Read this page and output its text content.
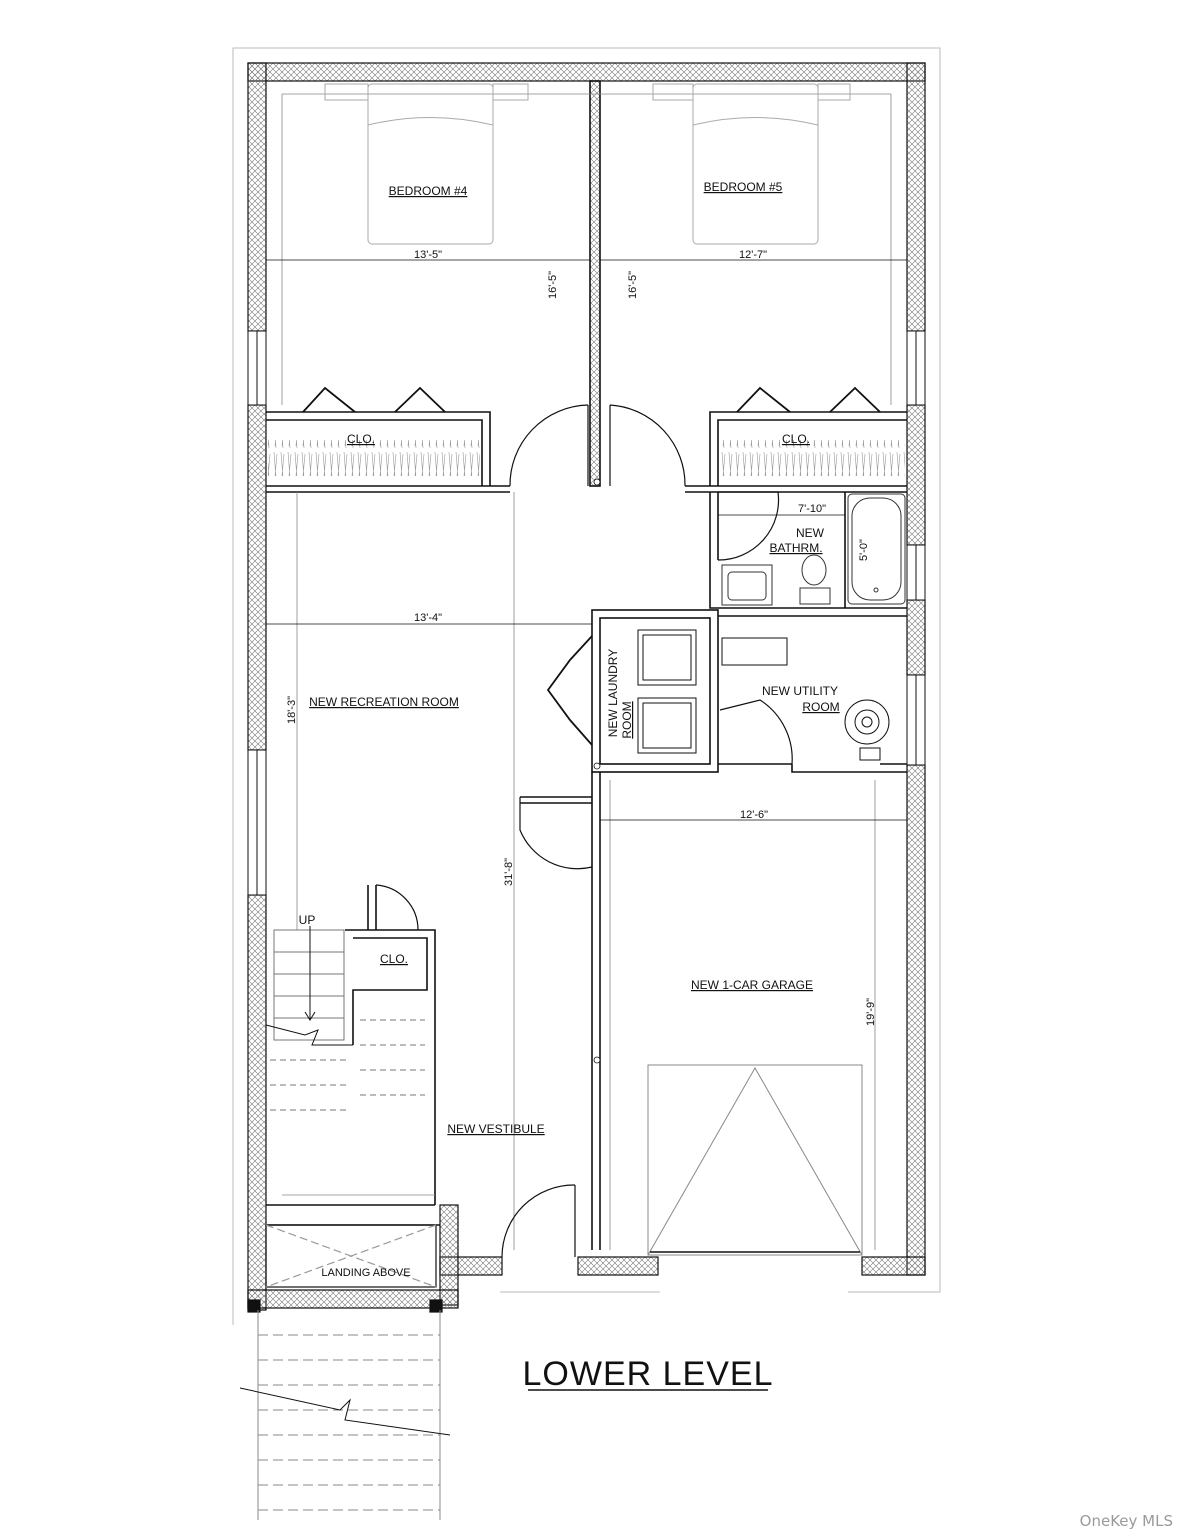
BEDROOM #4	BEDROOM #5
CLO.	CLO.
NEW
BATHRM.
NEW RECREATION ROOM	NEW LAUNDRY ROOM
NEW UTILITY
ROOM
UP
CLO.
NEW 1-CAR GARAGE
NEW VESTIBULE
LANDING ABOVE
13'-5"	12'-7"
16'-5"	16'-5"
7'-10"
5'-0"
13'-4"
18'-3"
31'-8"
12'-6"
19'-9"
LOWER LEVEL
OneKey MLS
